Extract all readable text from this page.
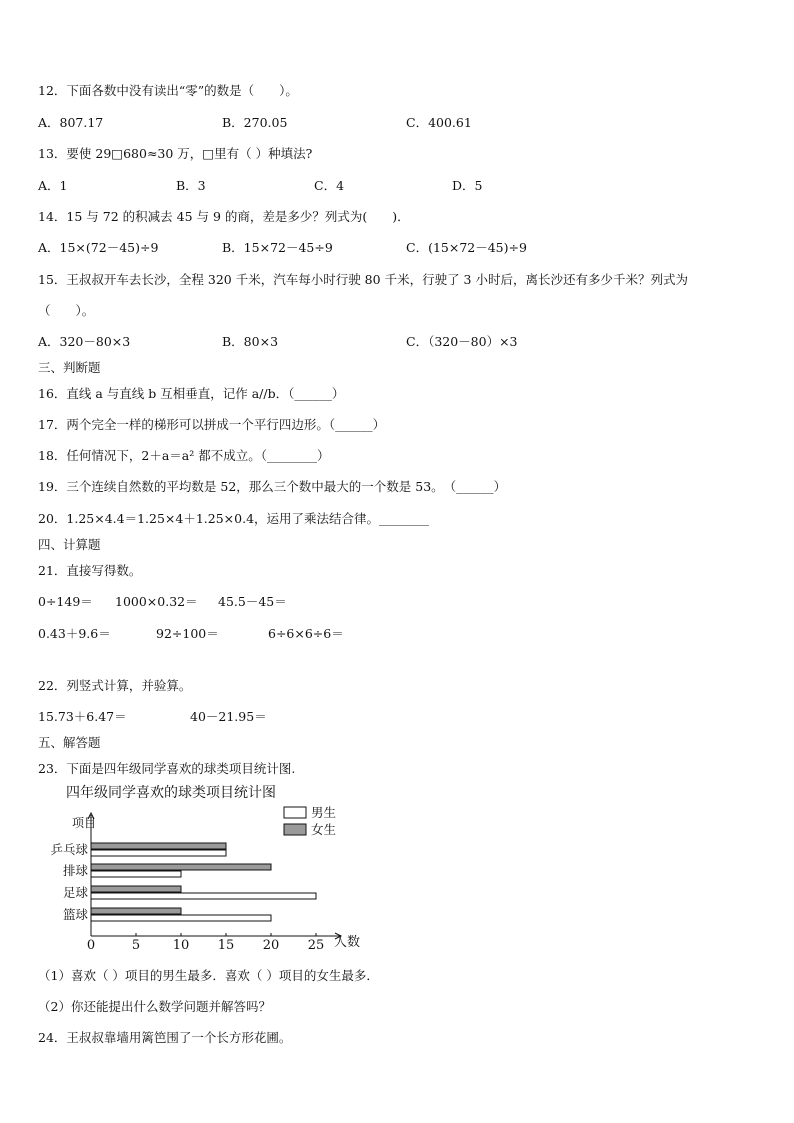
12．下面各数中没有读出“零”的数是（　　）。
A．807.17	B．270.05	C．400.61
13．要使 29□680≈30 万，□里有（ ）种填法?
A．1	B．3	C．4	D．5
14．15 与 72 的积减去 45 与 9 的商，差是多少？列式为(　　)．
A．15×(72－45)÷9	B．15×72－45÷9	C．(15×72－45)÷9
15．王叔叔开车去长沙，全程 320 千米，汽车每小时行驶 80 千米，行驶了 3 小时后，离长沙还有多少千米？列式为
（　　）。
A．320－80×3	B．80×3	C．（320－80）×3
三、判断题
16．直线 a 与直线 b 互相垂直，记作 a//b．（______）
17．两个完全一样的梯形可以拼成一个平行四边形。（______）
18．任何情况下，2＋a＝a² 都不成立。（________）
19．三个连续自然数的平均数是 52，那么三个数中最大的一个数是 53。　（______）
20．1.25×4.4＝1.25×4＋1.25×0.4，运用了乘法结合律。________
四、计算题
21．直接写得数。
0÷149＝ 1000×0.32＝ 45.5－45＝
0.43＋9.6＝	92÷100＝	6÷6×6÷6＝
22．列竖式计算，并验算。
15.73＋6.47＝	40－21.95＝
五、解答题
23．下面是四年级同学喜欢的球类项目统计图.
四年级同学喜欢的球类项目统计图
男生
女生
项目
人数
乒乓球
排球
足球
篮球
0	5	10 15 20 25
（1）喜欢（ ）项目的男生最多．喜欢（ ）项目的女生最多．
（2）你还能提出什么数学问题并解答吗？
24．王叔叔靠墙用篱笆围了一个长方形花圃。
